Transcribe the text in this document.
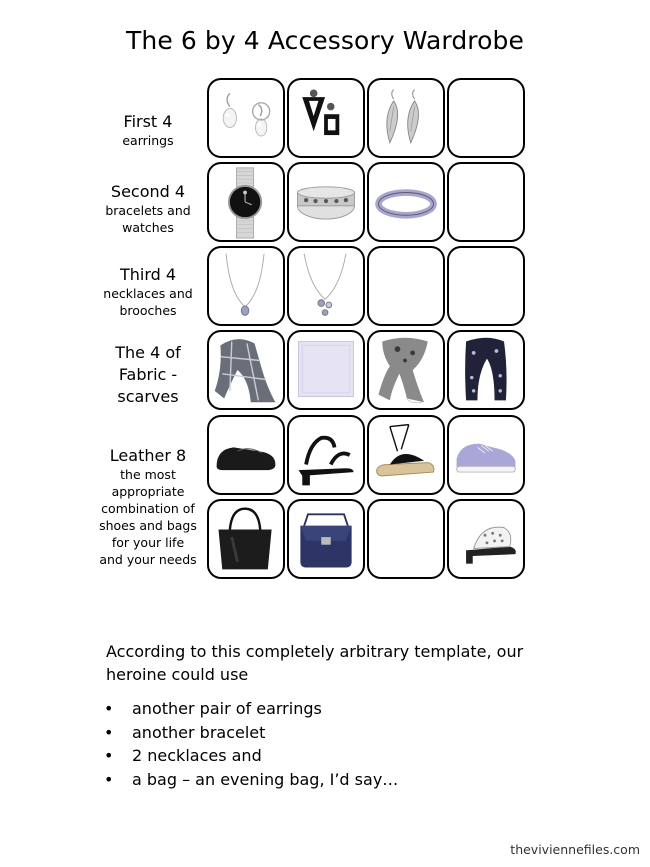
The 6 by 4 Accessory Wardrobe
First 4
earrings
Second 4
bracelets and
watches
Third 4
necklaces and
brooches
The 4 of Fabric - scarves
Leather 8
the most
appropriate
combination of
shoes and bags
for your life
and your needs
According to this completely arbitrary template, our heroine could use
• another pair of earrings
• another bracelet
• 2 necklaces and
• a bag – an evening bag, I’d say…
theviviennefiles.com
